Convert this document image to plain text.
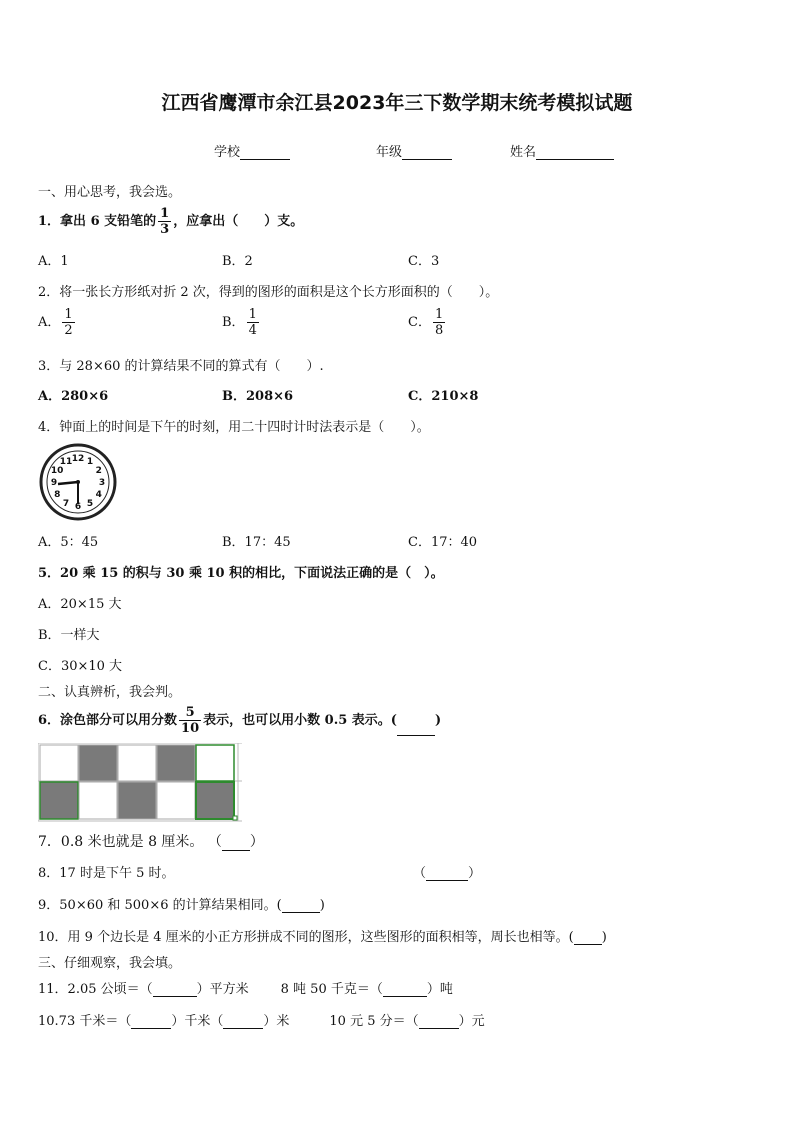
江西省鹰潭市余江县2023年三下数学期末统考模拟试题
学校	年级	姓名
一、用心思考，我会选。
1．拿出 6 支铅笔的 $\frac{1}{3}$ ，应拿出（　　）支。
A．1	B．2	C．3
2．将一张长方形纸对折 2 次，得到的图形的面积是这个长方形面积的（　　）。
A． $\frac{1}{2}$	B． $\frac{1}{4}$	C． $\frac{1}{8}$
3．与 28×60 的计算结果不同的算式有（　　）.
A．280×6	B．208×6	C．210×8
4．钟面上的时间是下午的时刻，用二十四时计时法表示是（　　）。
12 1
2
3
4
5
6
7
8
9
10
11
A．5：45	B．17：45	C．17：40
5．20 乘 15 的积与 30 乘 10 积的相比，下面说法正确的是（　）。
A．20×15 大
B．一样大
C．30×10 大
二、认真辨析，我会判。
6．涂色部分可以用分数 $\frac{5}{10}$ 表示，也可以用小数 0.5 表示。(	)
7．0.8 米也就是 8 厘米。 （ ）
8．17 时是下午 5 时。	（	）
9．50×60 和 500×6 的计算结果相同。(	)
10．用 9 个边长是 4 厘米的小正方形拼成不同的图形，这些图形的面积相等，周长也相等。( )
三、仔细观察，我会填。
11．2.05 公顷＝（	）平方米 8 吨 50 千克＝（	）吨
10.73 千米＝（	）千米（	）米	10 元 5 分＝（	）元
